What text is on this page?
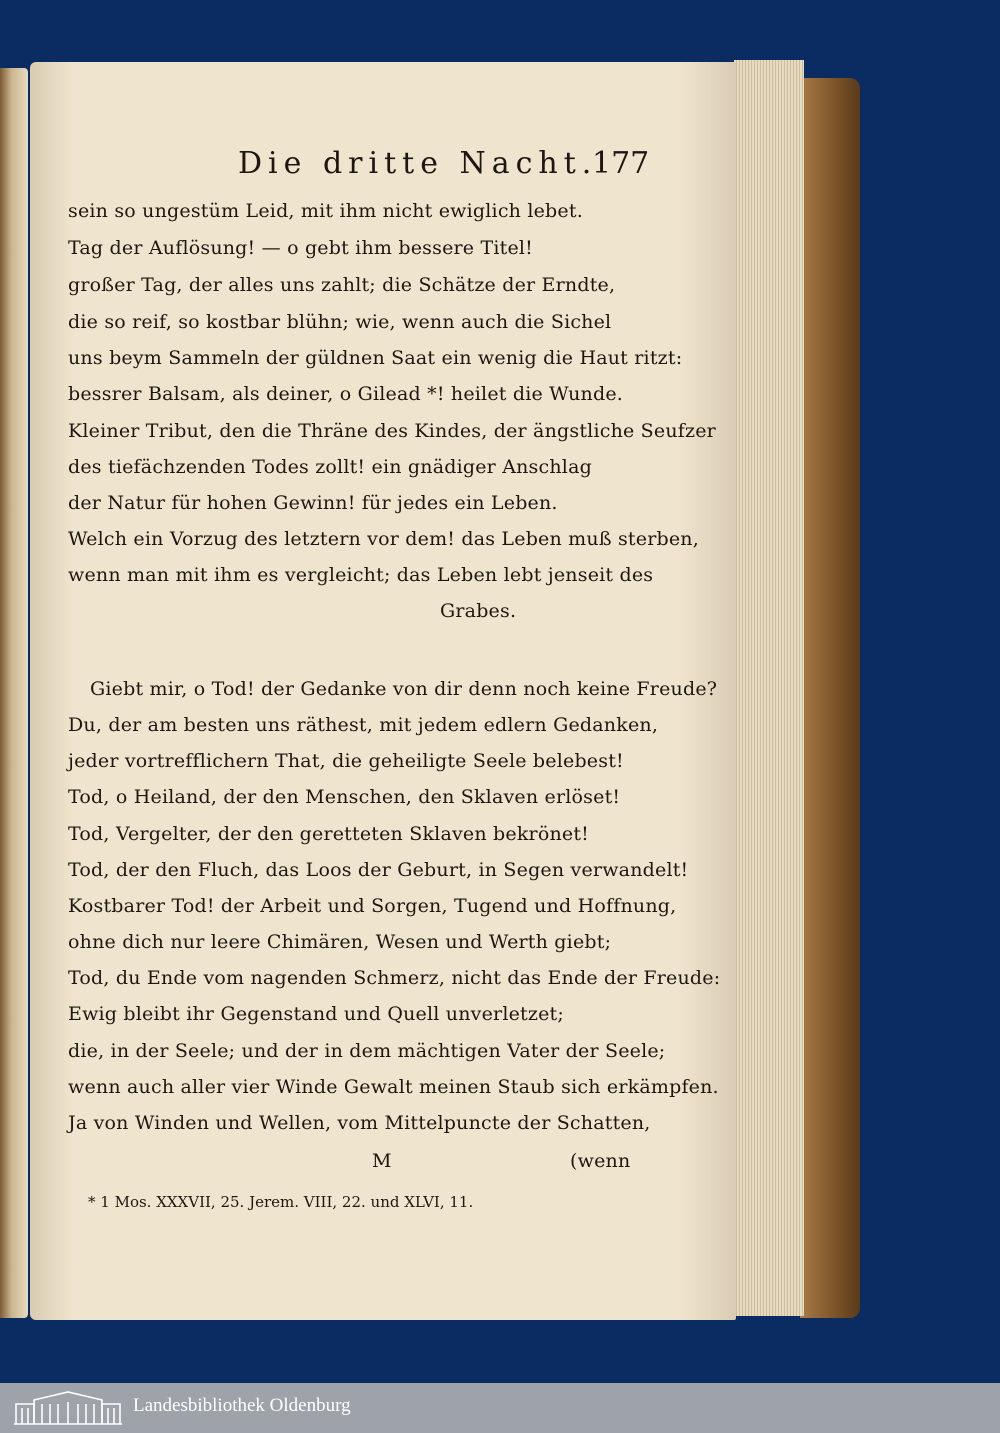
Die dritte Nacht.
177
sein so ungestüm Leid, mit ihm nicht ewiglich lebet.
Tag der Auflösung! — o gebt ihm bessere Titel!
großer Tag, der alles uns zahlt; die Schätze der Erndte,
die so reif, so kostbar blühn; wie, wenn auch die Sichel
uns beym Sammeln der güldnen Saat ein wenig die Haut ritzt:
bessrer Balsam, als deiner, o Gilead *! heilet die Wunde.
Kleiner Tribut, den die Thräne des Kindes, der ängstliche Seufzer
des tiefächzenden Todes zollt! ein gnädiger Anschlag
der Natur für hohen Gewinn! für jedes ein Leben.
Welch ein Vorzug des letztern vor dem! das Leben muß sterben,
wenn man mit ihm es vergleicht; das Leben lebt jenseit des
Grabes.
Giebt mir, o Tod! der Gedanke von dir denn noch keine Freude?
Du, der am besten uns räthest, mit jedem edlern Gedanken,
jeder vortrefflichern That, die geheiligte Seele belebest!
Tod, o Heiland, der den Menschen, den Sklaven erlöset!
Tod, Vergelter, der den geretteten Sklaven bekrönet!
Tod, der den Fluch, das Loos der Geburt, in Segen verwandelt!
Kostbarer Tod! der Arbeit und Sorgen, Tugend und Hoffnung,
ohne dich nur leere Chimären, Wesen und Werth giebt;
Tod, du Ende vom nagenden Schmerz, nicht das Ende der Freude:
Ewig bleibt ihr Gegenstand und Quell unverletzet;
die, in der Seele; und der in dem mächtigen Vater der Seele;
wenn auch aller vier Winde Gewalt meinen Staub sich erkämpfen.
Ja von Winden und Wellen, vom Mittelpuncte der Schatten,
M	(wenn
* 1 Mos. XXXVII, 25. Jerem. VIII, 22. und XLVI, 11.
Landesbibliothek Oldenburg
